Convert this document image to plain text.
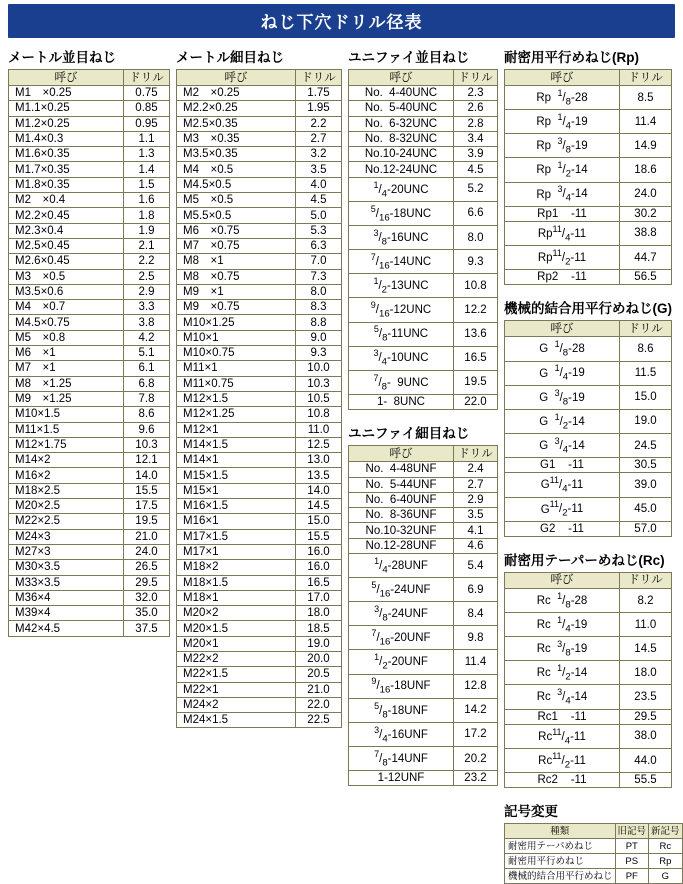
ねじ下穴ドリル径表
メートル並目ねじ
呼び	ドリル
M1　×0.25	0.75
M1.1×0.25	0.85
M1.2×0.25	0.95
M1.4×0.3	1.1
M1.6×0.35	1.3
M1.7×0.35	1.4
M1.8×0.35	1.5
M2　×0.4	1.6
M2.2×0.45	1.8
M2.3×0.4	1.9
M2.5×0.45	2.1
M2.6×0.45	2.2
M3　×0.5	2.5
M3.5×0.6	2.9
M4　×0.7	3.3
M4.5×0.75	3.8
M5　×0.8	4.2
M6　×1	5.1
M7　×1	6.1
M8　×1.25	6.8
M9　×1.25	7.8
M10×1.5	8.6
M11×1.5	9.6
M12×1.75	10.3
M14×2	12.1
M16×2	14.0
M18×2.5	15.5
M20×2.5	17.5
M22×2.5	19.5
M24×3	21.0
M27×3	24.0
M30×3.5	26.5
M33×3.5	29.5
M36×4	32.0
M39×4	35.0
M42×4.5	37.5
メートル細目ねじ
呼び	ドリル
M2　×0.25	1.75
M2.2×0.25	1.95
M2.5×0.35	2.2
M3　×0.35	2.7
M3.5×0.35	3.2
M4　×0.5	3.5
M4.5×0.5	4.0
M5　×0.5	4.5
M5.5×0.5	5.0
M6　×0.75	5.3
M7　×0.75	6.3
M8　×1	7.0
M8　×0.75	7.3
M9　×1	8.0
M9　×0.75	8.3
M10×1.25	8.8
M10×1	9.0
M10×0.75	9.3
M11×1	10.0
M11×0.75	10.3
M12×1.5	10.5
M12×1.25	10.8
M12×1	11.0
M14×1.5	12.5
M14×1	13.0
M15×1.5	13.5
M15×1	14.0
M16×1.5	14.5
M16×1	15.0
M17×1.5	15.5
M17×1	16.0
M18×2	16.0
M18×1.5	16.5
M18×1	17.0
M20×2	18.0
M20×1.5	18.5
M20×1	19.0
M22×2	20.0
M22×1.5	20.5
M22×1	21.0
M24×2	22.0
M24×1.5	22.5
ユニファイ並目ねじ
呼び	ドリル
No.  4-40UNC	2.3
No.  5-40UNC	2.6
No.  6-32UNC	2.8
No.  8-32UNC	3.4
No.10-24UNC	3.9
No.12-24UNC	4.5
$^1/_4-20UNC$	5.2
$^5/_{16}-18UNC$	6.6
$^3/_8-16UNC$	8.0
$^7/_{16}-14UNC$	9.3
$^1/_2-13UNC$	10.8
$^9/_{16}-12UNC$	12.2
$^5/_8-11UNC$	13.6
$^3/_4-10UNC$	16.5
$^7/_8-$  9UNC	19.5
1-  8UNC	22.0
ユニファイ細目ねじ
呼び	ドリル
No.  4-48UNF	2.4
No.  5-44UNF	2.7
No.  6-40UNF	2.9
No.  8-36UNF	3.5
No.10-32UNF	4.1
No.12-28UNF	4.6
$^1/_4-28UNF$	5.4
$^5/_{16}-24UNF$	6.9
$^3/_8-24UNF$	8.4
$^7/_{16}-20UNF$	9.8
$^1/_2-20UNF$	11.4
$^9/_{16}-18UNF$	12.8
$^5/_8-18UNF$	14.2
$^3/_4-16UNF$	17.2
$^7/_8-14UNF$	20.2
1-12UNF	23.2
耐密用平行めねじ(Rp)
呼び	ドリル
Rp  $^1/_8-28$	8.5
Rp  $^1/_4-19$	11.4
Rp  $^3/_8-19$	14.9
Rp  $^1/_2-14$	18.6
Rp  $^3/_4-14$	24.0
Rp1    -11	30.2
$Rp^{11}/_4-11$	38.8
$Rp^{11}/_2-11$	44.7
Rp2    -11	56.5
機械的結合用平行めねじ(G)
呼び	ドリル
G  $^1/_8-28$	8.6
G  $^1/_4-19$	11.5
G  $^3/_8-19$	15.0
G  $^1/_2-14$	19.0
G  $^3/_4-14$	24.5
G1    -11	30.5
$G^{11}/_4-11$	39.0
$G^{11}/_2-11$	45.0
G2    -11	57.0
耐密用テーパーめねじ(Rc)
呼び	ドリル
Rc  $^1/_8-28$	8.2
Rc  $^1/_4-19$	11.0
Rc  $^3/_8-19$	14.5
Rc  $^1/_2-14$	18.0
Rc  $^3/_4-14$	23.5
Rc1    -11	29.5
$Rc^{11}/_4-11$	38.0
$Rc^{11}/_2-11$	44.0
Rc2    -11	55.5
記号変更
種類	旧記号	新記号
耐密用テーパめねじ	PT	Rc
耐密用平行めねじ	PS	Rp
機械的結合用平行めねじ	PF	G
